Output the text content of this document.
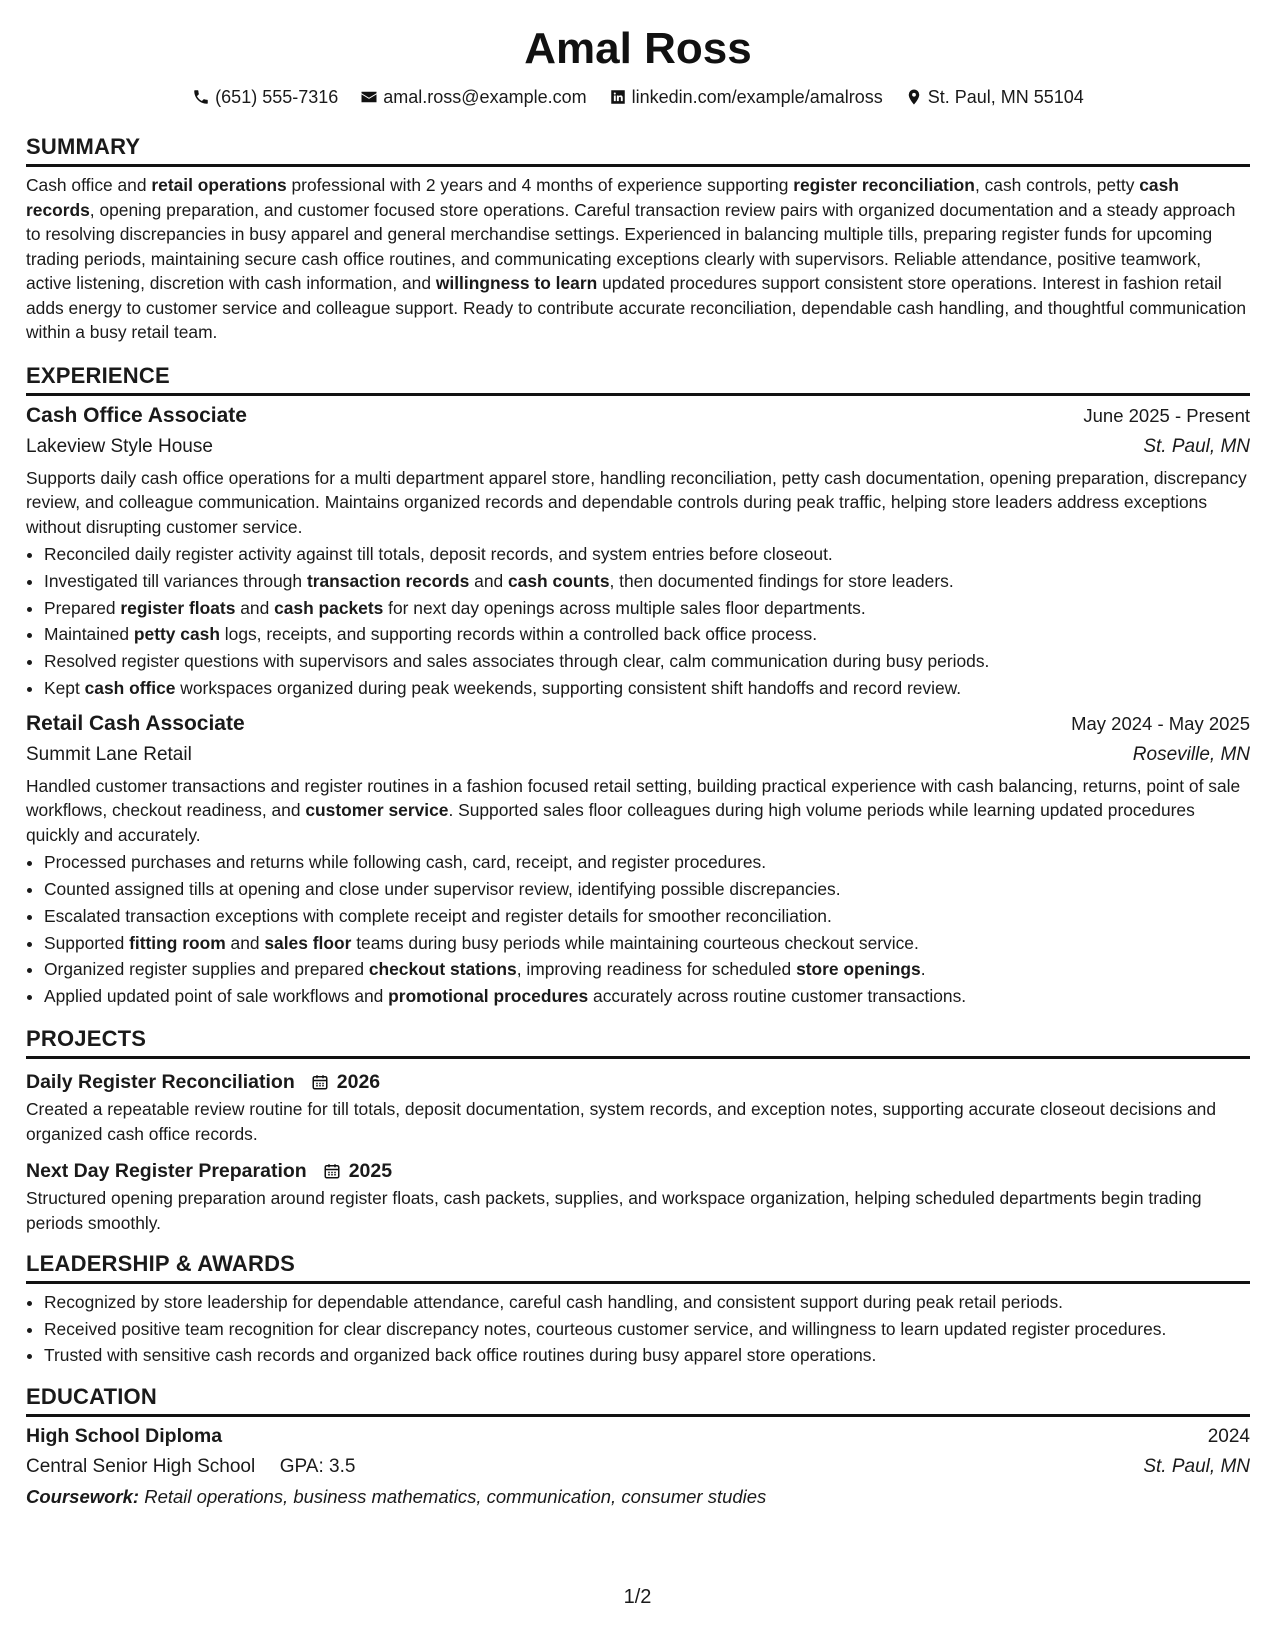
Amal Ross
(651) 555-7316	amal.ross@example.com	linkedin.com/example/amalross	St. Paul, MN 55104
SUMMARY

Cash office and retail operations professional with 2 years and 4 months of experience supporting register reconciliation, cash controls, petty cash records, opening preparation, and customer focused store operations. Careful transaction review pairs with organized documentation and a steady approach to resolving discrepancies in busy apparel and general merchandise settings. Experienced in balancing multiple tills, preparing register funds for upcoming trading periods, maintaining secure cash office routines, and communicating exceptions clearly with supervisors. Reliable attendance, positive teamwork, active listening, discretion with cash information, and willingness to learn updated procedures support consistent store operations. Interest in fashion retail adds energy to customer service and colleague support. Ready to contribute accurate reconciliation, dependable cash handling, and thoughtful communication within a busy retail team.

EXPERIENCE
Cash Office Associate	June 2025 - Present
Lakeview Style House	St. Paul, MN

Supports daily cash office operations for a multi department apparel store, handling reconciliation, petty cash documentation, opening preparation, discrepancy review, and colleague communication. Maintains organized records and dependable controls during peak traffic, helping store leaders address exceptions without disrupting customer service.

• Reconciled daily register activity against till totals, deposit records, and system entries before closeout.
• Investigated till variances through transaction records and cash counts, then documented findings for store leaders.
• Prepared register floats and cash packets for next day openings across multiple sales floor departments.
• Maintained petty cash logs, receipts, and supporting records within a controlled back office process.
• Resolved register questions with supervisors and sales associates through clear, calm communication during busy periods.
• Kept cash office workspaces organized during peak weekends, supporting consistent shift handoffs and record review.
Retail Cash Associate	May 2024 - May 2025
Summit Lane Retail	Roseville, MN

Handled customer transactions and register routines in a fashion focused retail setting, building practical experience with cash balancing, returns, point of sale workflows, checkout readiness, and customer service. Supported sales floor colleagues during high volume periods while learning updated procedures quickly and accurately.

• Processed purchases and returns while following cash, card, receipt, and register procedures.
• Counted assigned tills at opening and close under supervisor review, identifying possible discrepancies.
• Escalated transaction exceptions with complete receipt and register details for smoother reconciliation.
• Supported fitting room and sales floor teams during busy periods while maintaining courteous checkout service.
• Organized register supplies and prepared checkout stations, improving readiness for scheduled store openings.
• Applied updated point of sale workflows and promotional procedures accurately across routine customer transactions.
PROJECTS
Daily Register Reconciliation 2026

Created a repeatable review routine for till totals, deposit documentation, system records, and exception notes, supporting accurate closeout decisions and organized cash office records.

Next Day Register Preparation 2025

Structured opening preparation around register floats, cash packets, supplies, and workspace organization, helping scheduled departments begin trading periods smoothly.

LEADERSHIP & AWARDS
• Recognized by store leadership for dependable attendance, careful cash handling, and consistent support during peak retail periods.
• Received positive team recognition for clear discrepancy notes, courteous customer service, and willingness to learn updated register procedures.
• Trusted with sensitive cash records and organized back office routines during busy apparel store operations.
EDUCATION
High School Diploma	2024
Central Senior High School GPA: 3.5	St. Paul, MN
Coursework: Retail operations, business mathematics, communication, consumer studies
1/2
